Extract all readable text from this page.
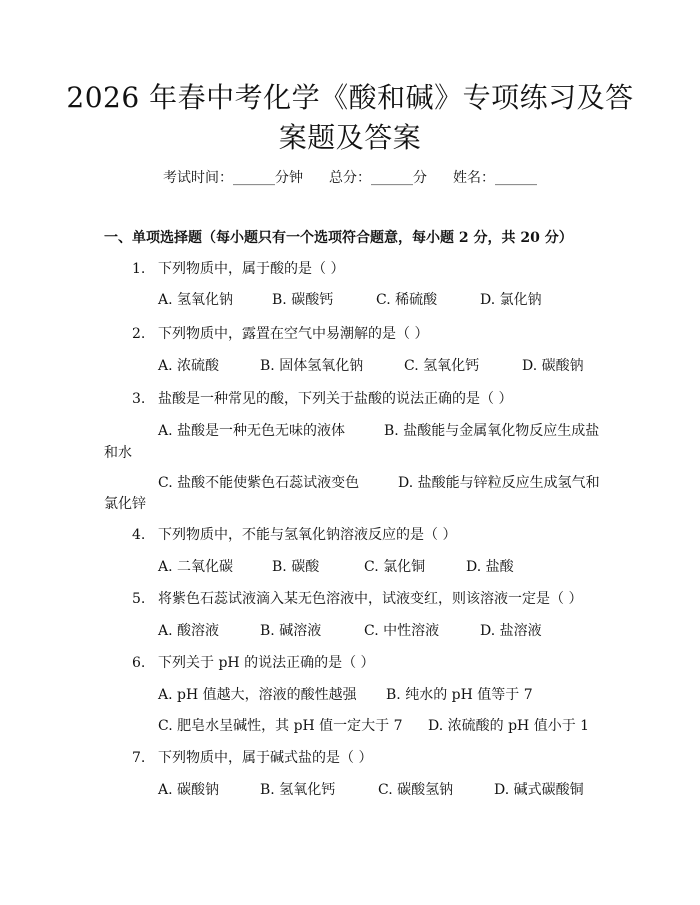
2026 年春中考化学《酸和碱》专项练习及答
案题及答案
考试时间：______分钟 总分：______分 姓名：______
一、单项选择题（每小题只有一个选项符合题意，每小题 2 分，共 20 分）
1. 下列物质中，属于酸的是（ ）
A. 氢氧化钠	B. 碳酸钙	C. 稀硫酸	D. 氯化钠
2. 下列物质中，露置在空气中易潮解的是（ ）
A. 浓硫酸	B. 固体氢氧化钠	C. 氢氧化钙	D. 碳酸钠
3. 盐酸是一种常见的酸，下列关于盐酸的说法正确的是（ ）
A. 盐酸是一种无色无味的液体	B. 盐酸能与金属氧化物反应生成盐
和水
C. 盐酸不能使紫色石蕊试液变色	D. 盐酸能与锌粒反应生成氢气和
氯化锌
4. 下列物质中，不能与氢氧化钠溶液反应的是（ ）
A. 二氧化碳	B. 碳酸	C. 氯化铜	D. 盐酸
5. 将紫色石蕊试液滴入某无色溶液中，试液变红，则该溶液一定是（ ）
A. 酸溶液	B. 碱溶液	C. 中性溶液	D. 盐溶液
6. 下列关于 pH 的说法正确的是（ ）
A. pH 值越大，溶液的酸性越强 B. 纯水的 pH 值等于 7
C. 肥皂水呈碱性，其 pH 值一定大于 7 D. 浓硫酸的 pH 值小于 1
7. 下列物质中，属于碱式盐的是（ ）
A. 碳酸钠	B. 氢氧化钙	C. 碳酸氢钠	D. 碱式碳酸铜
